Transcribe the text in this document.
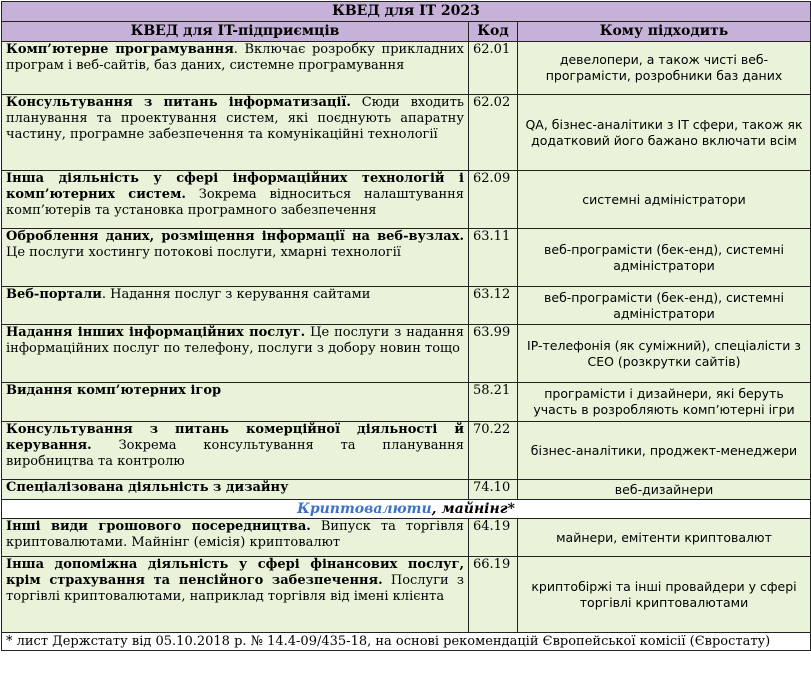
КВЕД для IT 2023		
КВЕД для IT-підприємців	Код	Кому підходить
Комп’ютерне програмування. Включає розробку прикладних програм і веб-сайтів, баз даних, системне програмування	62.01	девелопери, а також чисті веб-програмісти, розробники баз даних
Консультування з питань інформатизації. Сюди входить планування та проектування систем, які поєднують апаратну частину, програмне забезпечення та комунікаційні технології	62.02	QA, бізнес-аналітики з IT сфери, також як додатковий його бажано включати всім
Інша діяльність у сфері інформаційних технологій і комп’ютерних систем. Зокрема відноситься налаштування комп’ютерів та установка програмного забезпечення	62.09	системні адміністратори
Оброблення даних, розміщення інформації на веб-вузлах. Це послуги хостингу потокові послуги, хмарні технології	63.11	веб-програмісти (бек-енд), системні адміністратори
Веб-портали. Надання послуг з керування сайтами	63.12	веб-програмісти (бек-енд), системні адміністратори
Надання інших інформаційних послуг. Це послуги з надання інформаційних послуг по телефону, послуги з добору новин тощо	63.99	IP-телефонія (як суміжний), спеціалісти з СЕО (розкрутки сайтів)
Видання комп’ютерних ігор	58.21	програмісти і дизайнери, які беруть участь в розробляють комп’ютерні ігри
Консультування з питань комерційної діяльності й керування. Зокрема консультування та планування виробництва та контролю	70.22	бізнес-аналітики, проджект-менеджери
Спеціалізована діяльність з дизайну	74.10	веб-дизайнери
Криптовалюти, майнінг*		
Інші види грошового посередництва. Випуск та торгівля криптовалютами. Майнінг (емісія) криптовалют	64.19	майнери, емітенти криптовалют
Інша допоміжна діяльність у сфері фінансових послуг, крім страхування та пенсійного забезпечення. Послуги з торгівлі криптовалютами, наприклад торгівля від імені клієнта	66.19	криптобіржі та інші провайдери у сфері торгівлі криптовалютами
* лист Держстату від 05.10.2018 р. № 14.4-09/435-18, на основі рекомендацій Європейської комісії (Євростату)		
